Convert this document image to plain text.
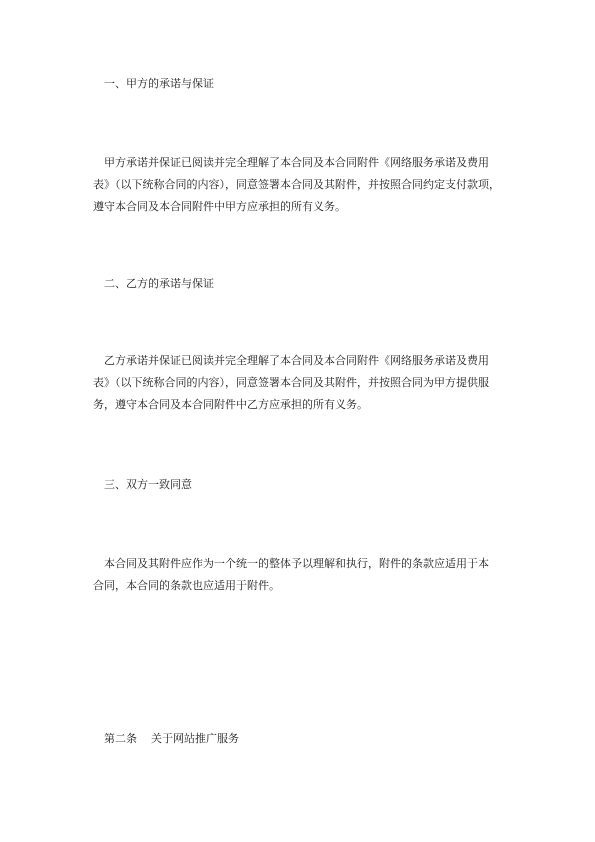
一、甲方的承诺与保证
甲方承诺并保证已阅读并完全理解了本合同及本合同附件《网络服务承诺及费用
表》（以下统称合同的内容），同意签署本合同及其附件，并按照合同约定支付款项，
遵守本合同及本合同附件中甲方应承担的所有义务。
二、乙方的承诺与保证
乙方承诺并保证已阅读并完全理解了本合同及本合同附件《网络服务承诺及费用
表》（以下统称合同的内容），同意签署本合同及其附件，并按照合同为甲方提供服
务，遵守本合同及本合同附件中乙方应承担的所有义务。
三、双方一致同意
本合同及其附件应作为一个统一的整体予以理解和执行，附件的条款应适用于本
合同，本合同的条款也应适用于附件。
第二条 关于网站推广服务
